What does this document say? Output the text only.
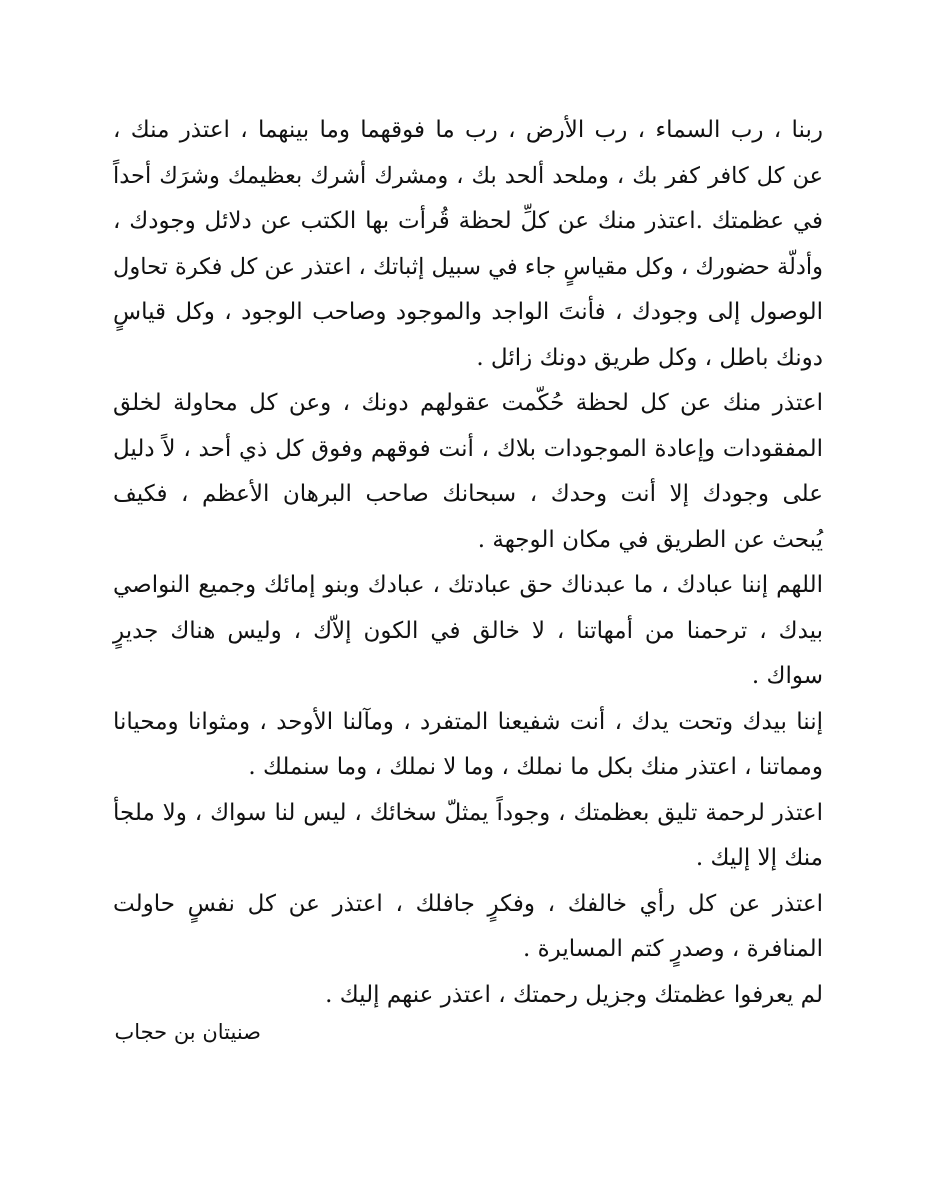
ربنا ، رب السماء ، رب الأرض ، رب ما فوقهما وما بينهما ، اعتذر منك ،
عن كل كافر كفر بك ، وملحد ألحد بك ، ومشرك أشرك بعظيمك وشرَك أحداً
في عظمتك .اعتذر منك عن كلِّ لحظة قُرأت بها الكتب عن دلائل وجودك ،
وأدلّة حضورك ، وكل مقياسٍ جاء في سبيل إثباتك ، اعتذر عن كل فكرة تحاول
الوصول إلى وجودك ، فأنتَ الواجد والموجود وصاحب الوجود ، وكل قياسٍ
دونك باطل ، وكل طريق دونك زائل .
اعتذر منك عن كل لحظة حُكّمت عقولهم دونك ، وعن كل محاولة لخلق
المفقودات وإعادة الموجودات بلاك ، أنت فوقهم وفوق كل ذي أحد ، لاً دليل
على وجودك إلا أنت وحدك ، سبحانك صاحب البرهان الأعظم ، فكيف
يُبحث عن الطريق في مكان الوجهة .
اللهم إننا عبادك ، ما عبدناك حق عبادتك ، عبادك وبنو إمائك وجميع النواصي
بيدك ، ترحمنا من أمهاتنا ، لا خالق في الكون إلاّك ، وليس هناك جديرٍ
سواك .
إننا بيدك وتحت يدك ، أنت شفيعنا المتفرد ، ومآلنا الأوحد ، ومثوانا ومحيانا
ومماتنا ، اعتذر منك بكل ما نملك ، وما لا نملك ، وما سنملك .
اعتذر لرحمة تليق بعظمتك ، وجوداً يمثلّ سخائك ، ليس لنا سواك ، ولا ملجأ
منك إلا إليك .
اعتذر عن كل رأي خالفك ، وفكرٍ جافلك ، اعتذر عن كل نفسٍ حاولت
المنافرة ، وصدرٍ كتم المسايرة .
لم يعرفوا عظمتك وجزيل رحمتك ، اعتذر عنهم إليك .
صنيتان بن حجاب
